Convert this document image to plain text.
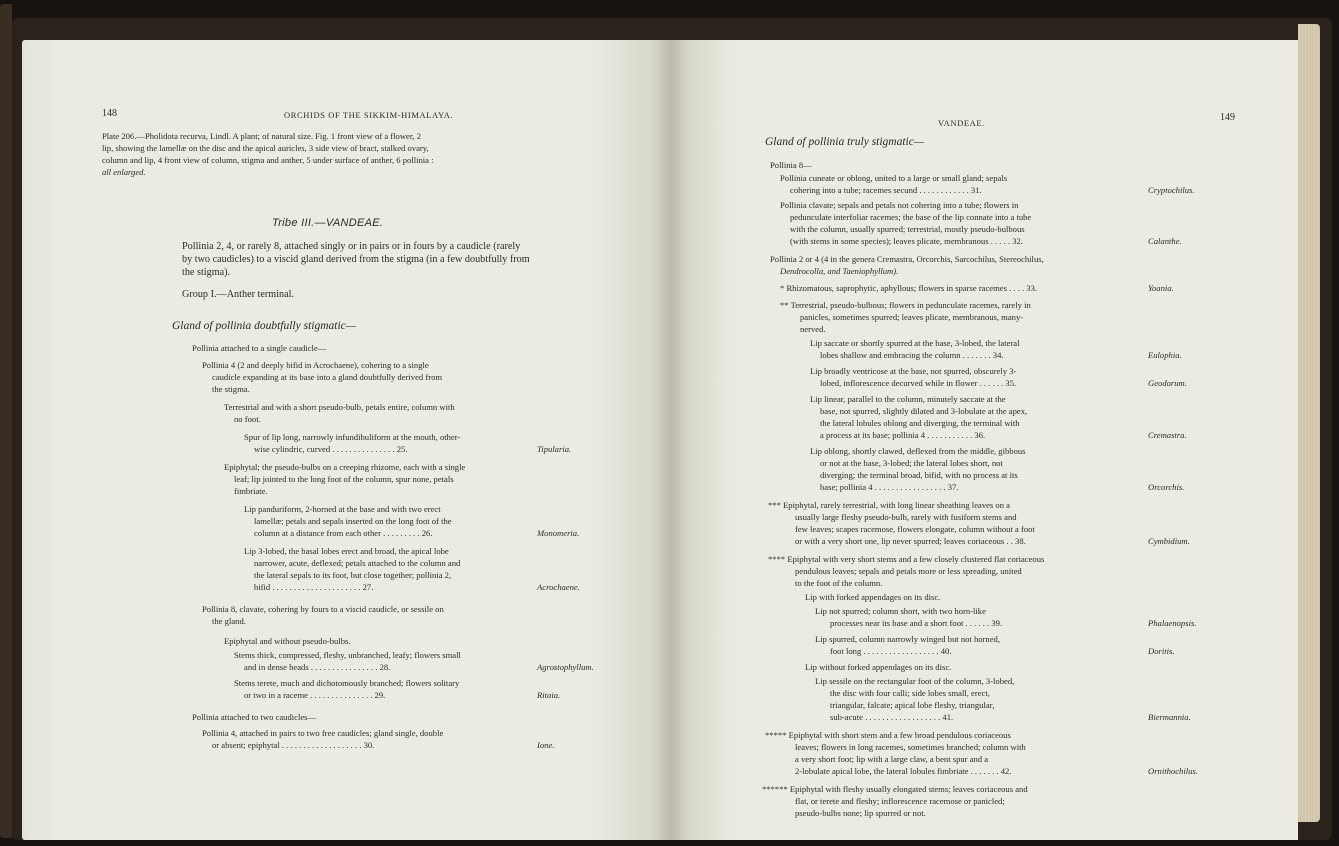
148	ORCHIDS OF THE SIKKIM-HIMALAYA.
Plate 206.—Pholidota recurva, Lindl. A plant; of natural size. Fig. 1 front view of a flower, 2
lip, showing the lamellæ on the disc and the apical auricles, 3 side view of bract, stalked ovary,
column and lip, 4 front view of column, stigma and anther, 5 under surface of anther, 6 pollinia :
all enlarged.
Tribe III.—VANDEAE.
Pollinia 2, 4, or rarely 8, attached singly or in pairs or in fours by a caudicle (rarely
by two caudicles) to a viscid gland derived from the stigma (in a few doubtfully from
the stigma).
Group I.—Anther terminal.
Gland of pollinia doubtfully stigmatic—
Pollinia attached to a single caudicle—
Pollinia 4 (2 and deeply bifid in Acrochaene), cohering to a single
caudicle expanding at its base into a gland doubtfully derived from
the stigma.
Terrestrial and with a short pseudo-bulb, petals entire, column with
no foot.
Spur of lip long, narrowly infundibuliform at the mouth, other-
wise cylindric, curved . . . . . . . . . . . . . . . 25.
Epiphytal; the pseudo-bulbs on a creeping rhizome, each with a single
leaf; lip jointed to the long foot of the column, spur none, petals
fimbriate.
Lip panduriform, 2-horned at the base and with two erect
lamellæ; petals and sepals inserted on the long foot of the
column at a distance from each other . . . . . . . . . 26.
Lip 3-lobed, the basal lobes erect and broad, the apical lobe
narrower, acute, deflexed; petals attached to the column and
the lateral sepals to its foot, but close together; pollinia 2,
bifid . . . . . . . . . . . . . . . . . . . . . 27.
Pollinia 8, clavate, cohering by fours to a viscid caudicle, or sessile on
the gland.
Epiphytal and without pseudo-bulbs.
Stems thick, compressed, fleshy, unbranched, leafy; flowers small
and in dense heads . . . . . . . . . . . . . . . . 28.
Stems terete, much and dichotomously branched; flowers solitary
or two in a raceme . . . . . . . . . . . . . . . 29.
Pollinia attached to two caudicles—
Pollinia 4, attached in pairs to two free caudicles; gland single, double
or absent; epiphytal . . . . . . . . . . . . . . . . . . . 30.
Tipularia.
Monomeria.
Acrochaene.
Agrostophyllum.
Ritaia.
Ione.
149
VANDEAE.
Gland of pollinia truly stigmatic—
Pollinia 8—
Pollinia cuneate or oblong, united to a large or small gland; sepals
cohering into a tube; racemes secund . . . . . . . . . . . . 31.
Pollinia clavate; sepals and petals not cohering into a tube; flowers in
pedunculate interfoliar racemes; the base of the lip connate into a tube
with the column, usually spurred; terrestrial, mostly pseudo-bulbous
(with stems in some species); leaves plicate, membranous . . . . . 32.
Pollinia 2 or 4 (4 in the genera Cremastra, Orcorchis, Sarcochilus, Stereochilus,
Dendrocolla, and Taeniophyllum).
* Rhizomatous, saprophytic, aphyllous; flowers in sparse racemes . . . . 33.
** Terrestrial, pseudo-bulbous; flowers in pedunculate racemes, rarely in
panicles, sometimes spurred; leaves plicate, membranous, many-
nerved.
Lip saccate or shortly spurred at the base, 3-lobed, the lateral
lobes shallow and embracing the column . . . . . . . 34.
Lip broadly ventricose at the base, not spurred, obscurely 3-
lobed, inflorescence decurved while in flower . . . . . . 35.
Lip linear, parallel to the column, minutely saccate at the
base, not spurred, slightly dilated and 3-lobulate at the apex,
the lateral lobules oblong and diverging, the terminal with
a process at its base; pollinia 4 . . . . . . . . . . . 36.
Lip oblong, shortly clawed, deflexed from the middle, gibbous
or not at the base, 3-lobed; the lateral lobes short, not
diverging; the terminal broad, bifid, with no process at its
base; pollinia 4 . . . . . . . . . . . . . . . . . 37.
*** Epiphytal, rarely terrestrial, with long linear sheathing leaves on a
usually large fleshy pseudo-bulb, rarely with fusiform stems and
few leaves; scapes racemose, flowers elongate, column without a foot
or with a very short one, lip never spurred; leaves coriaceous . . 38.
**** Epiphytal with very short stems and a few closely clustered flat coriaceous
pendulous leaves; sepals and petals more or less spreading, united
to the foot of the column.
Lip with forked appendages on its disc.
Lip not spurred; column short, with two horn-like
processes near its base and a short foot . . . . . . 39.
Lip spurred, column narrowly winged but not horned,
foot long . . . . . . . . . . . . . . . . . . 40.
Lip without forked appendages on its disc.
Lip sessile on the rectangular foot of the column, 3-lobed,
the disc with four calli; side lobes small, erect,
triangular, falcate; apical lobe fleshy, triangular,
sub-acute . . . . . . . . . . . . . . . . . . 41.
***** Epiphytal with short stem and a few broad pendulous coriaceous
leaves; flowers in long racemes, sometimes branched; column with
a very short foot; lip with a large claw, a bent spur and a
2-lobulate apical lobe, the lateral lobules fimbriate . . . . . . . 42.
****** Epiphytal with fleshy usually elongated stems; leaves coriaceous and
flat, or terete and fleshy; inflorescence racemose or panicled;
pseudo-bulbs none; lip spurred or not.
Cryptochilus.
Calanthe.
Yoania.
Eulophia.
Geodorum.
Cremastra.
Orcorchis.
Cymbidium.
Phalaenopsis.
Doritis.
Biermannia.
Ornithochilus.
